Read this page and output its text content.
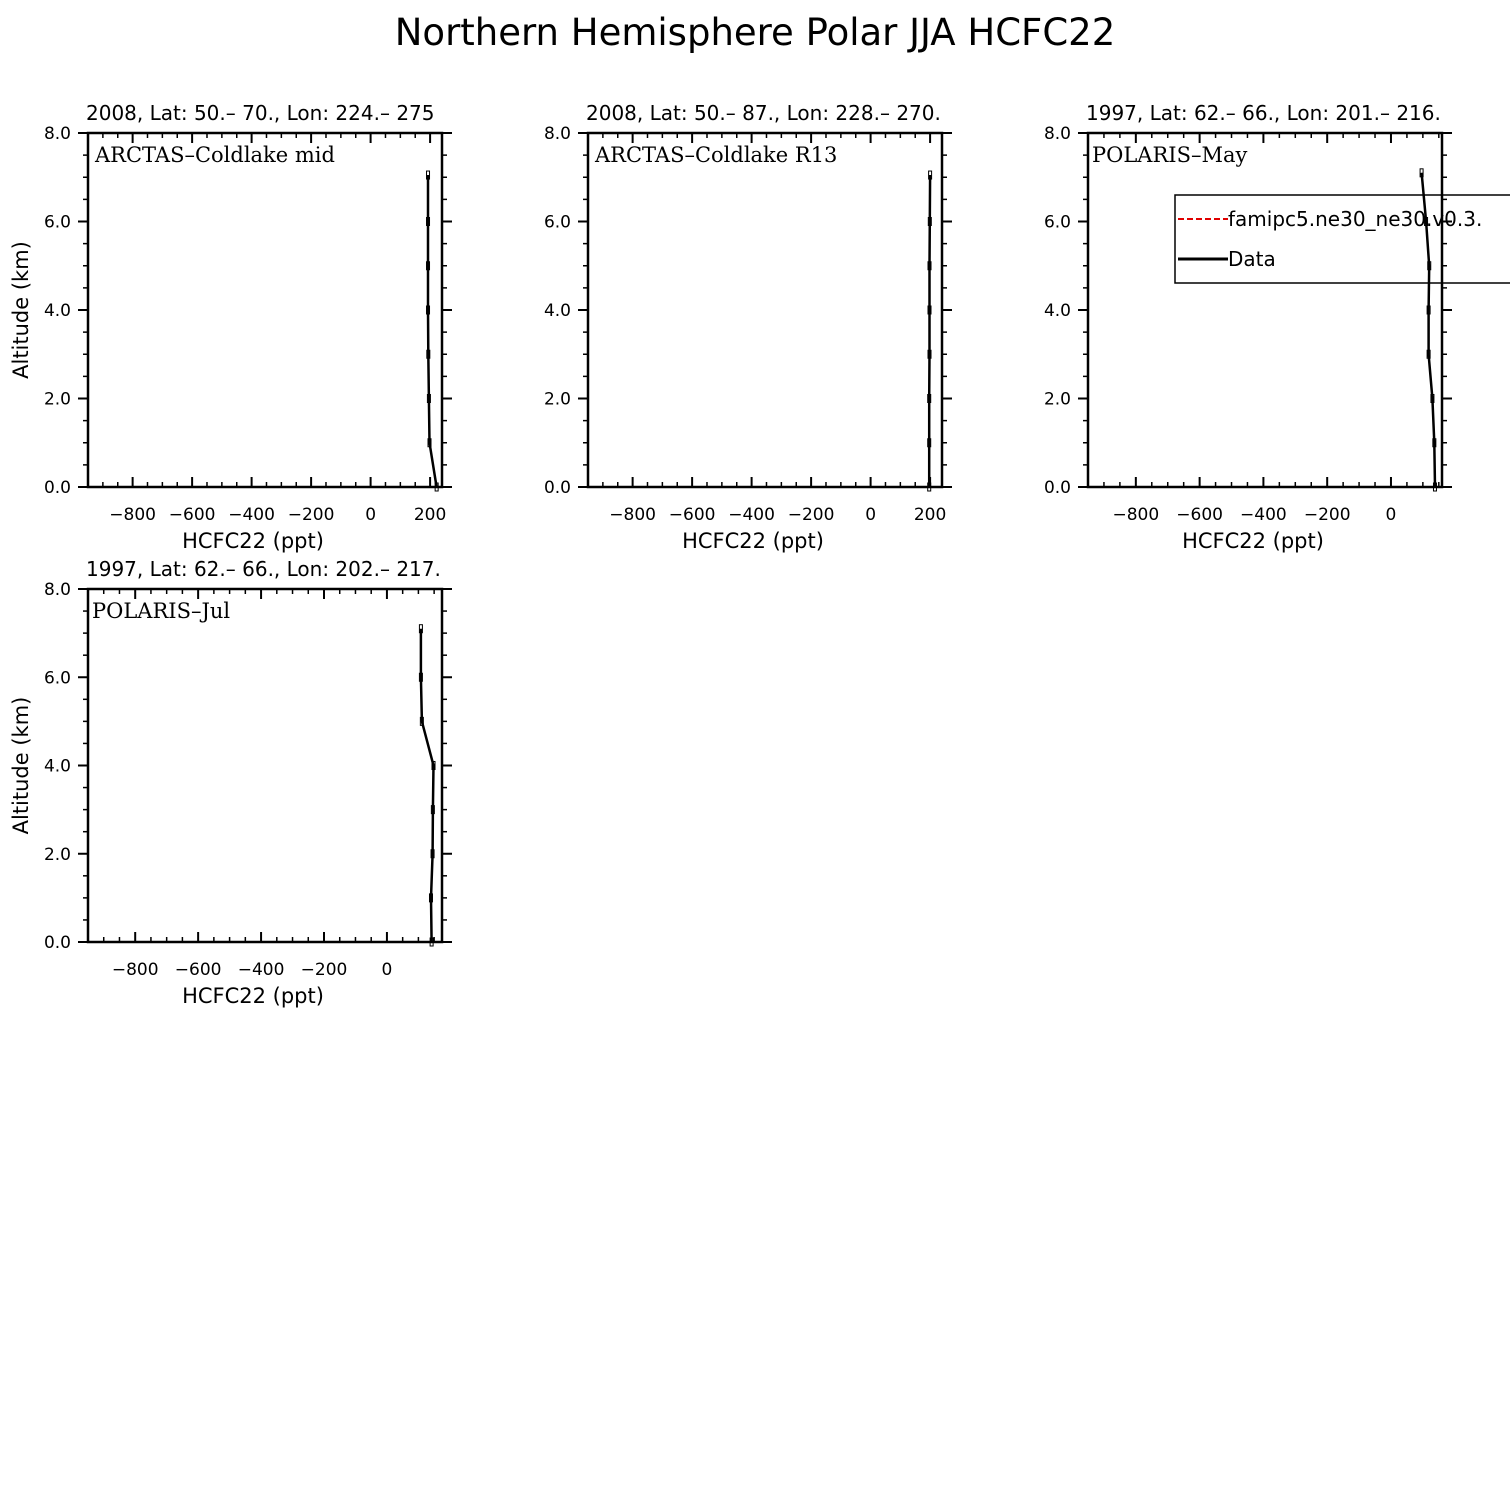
Northern Hemisphere Polar JJA HCFC22
−800 −600 −400 −200 0 200
0.0
2.0
4.0
6.0
8.0
HCFC22 (ppt)
Altitude (km)
2008, Lat: 50.– 70., Lon: 224.– 275
ARCTAS–Coldlake mid
−800 −600 −400 −200 0 200
0.0
2.0
4.0
6.0
8.0
HCFC22 (ppt)
2008, Lat: 50.– 87., Lon: 228.– 270.
ARCTAS–Coldlake R13
−800 −600 −400 −200 0
0.0
2.0
4.0
6.0
8.0
HCFC22 (ppt)
1997, Lat: 62.– 66., Lon: 201.– 216.
POLARIS–May
−800 −600 −400 −200 0
0.0
2.0
4.0
6.0
8.0
HCFC22 (ppt)
Altitude (km)
1997, Lat: 62.– 66., Lon: 202.– 217.
POLARIS–Jul
famipc5.ne30_ne30.v0.3.
Data
